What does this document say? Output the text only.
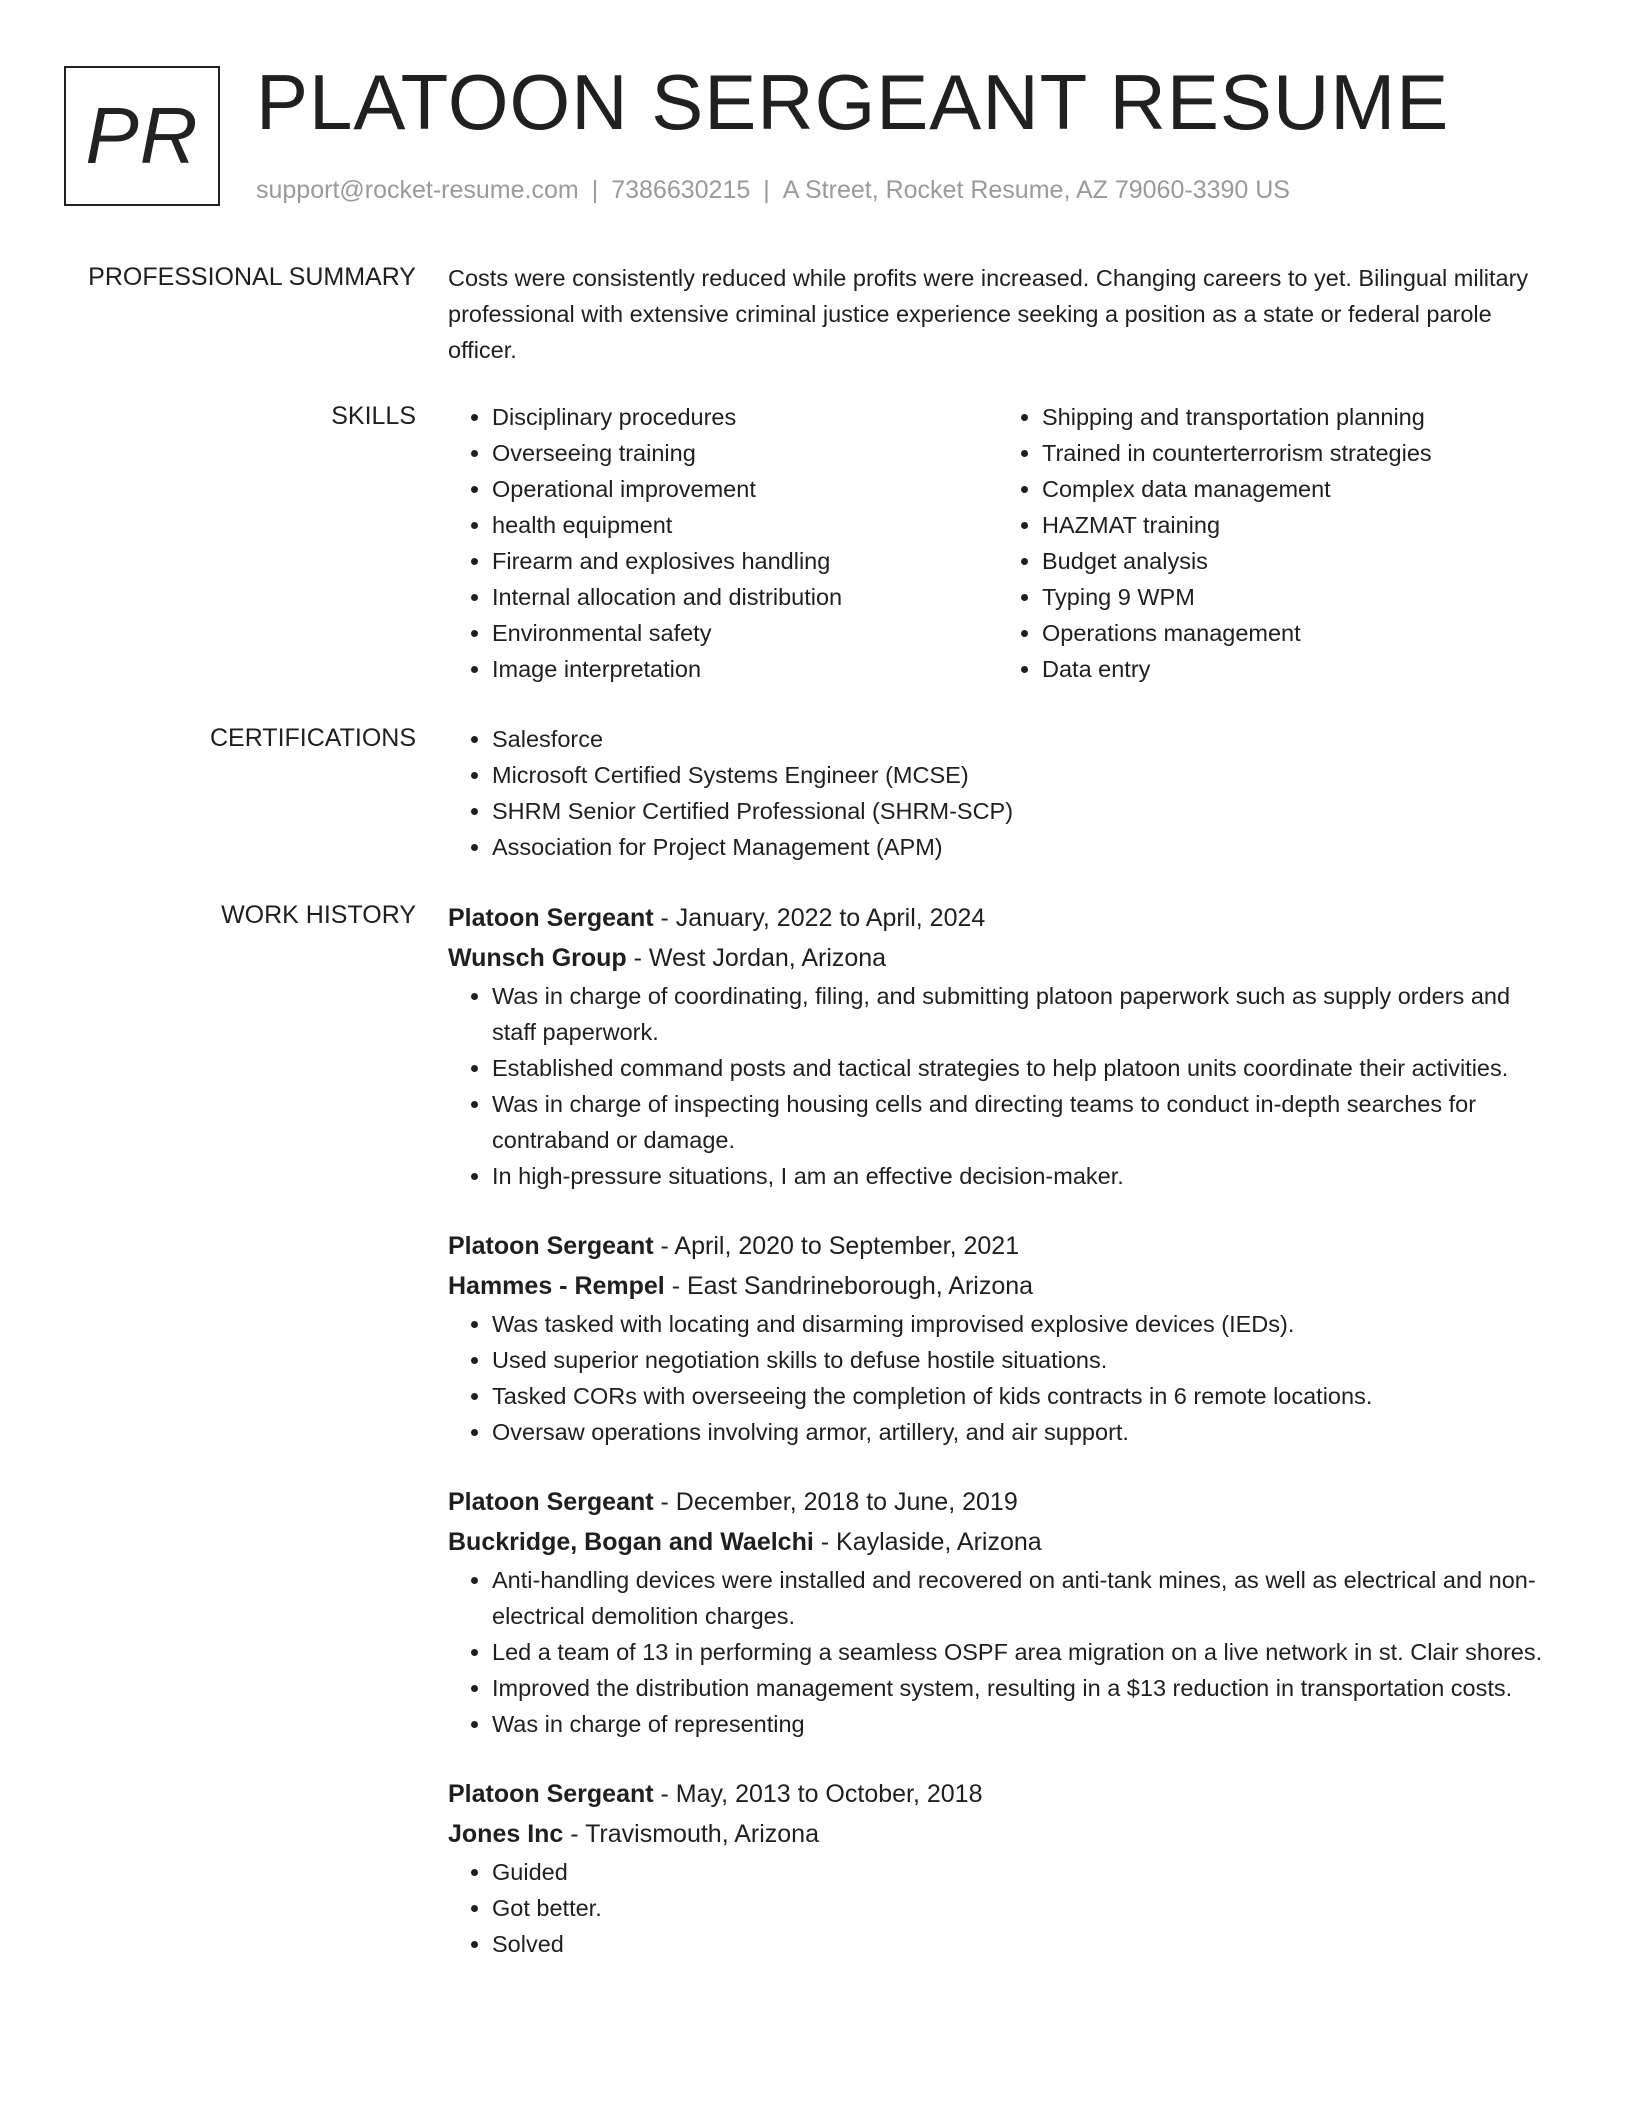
PR PLATOON SERGEANT RESUME
support@rocket-resume.com | 7386630215 | A Street, Rocket Resume, AZ 79060-3390 US
PROFESSIONAL SUMMARY Costs were consistently reduced while profits were increased. Changing careers to yet. Bilingual military professional with extensive criminal justice experience seeking a position as a state or federal parole officer.

SKILLS	• Disciplinary procedures
• Overseeing training
• Operational improvement
• health equipment
• Firearm and explosives handling
• Internal allocation and distribution
• Environmental safety
• Image interpretation
• Shipping and transportation planning
• Trained in counterterrorism strategies
• Complex data management
• HAZMAT training
• Budget analysis
• Typing 9 WPM
• Operations management
• Data entry
CERTIFICATIONS	• Salesforce
• Microsoft Certified Systems Engineer (MCSE)
• SHRM Senior Certified Professional (SHRM-SCP)
• Association for Project Management (APM)
WORK HISTORY Platoon Sergeant - January, 2022 to April, 2024
Wunsch Group - West Jordan, Arizona
• Was in charge of coordinating, filing, and submitting platoon paperwork such as supply orders and staff paperwork.
• Established command posts and tactical strategies to help platoon units coordinate their activities.
• Was in charge of inspecting housing cells and directing teams to conduct in-depth searches for contraband or damage.
• In high-pressure situations, I am an effective decision-maker.
Platoon Sergeant - April, 2020 to September, 2021
Hammes - Rempel - East Sandrineborough, Arizona
• Was tasked with locating and disarming improvised explosive devices (IEDs).
• Used superior negotiation skills to defuse hostile situations.
• Tasked CORs with overseeing the completion of kids contracts in 6 remote locations.
• Oversaw operations involving armor, artillery, and air support.
Platoon Sergeant - December, 2018 to June, 2019
Buckridge, Bogan and Waelchi - Kaylaside, Arizona
• Anti-handling devices were installed and recovered on anti-tank mines, as well as electrical and non-electrical demolition charges.
• Led a team of 13 in performing a seamless OSPF area migration on a live network in st. Clair shores.
• Improved the distribution management system, resulting in a $13 reduction in transportation costs.
• Was in charge of representing
Platoon Sergeant - May, 2013 to October, 2018
Jones Inc - Travismouth, Arizona
• Guided
• Got better.
• Solved
